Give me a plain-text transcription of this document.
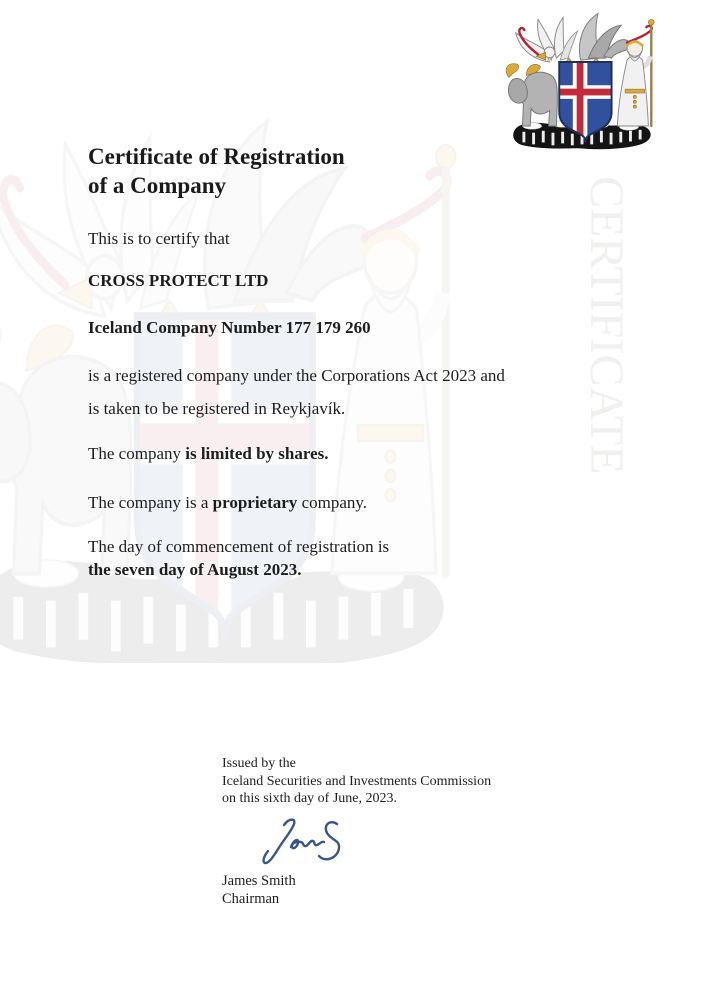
CERTIFICATE
Certificate of Registration
of a Company

This is to certify that

CROSS PROTECT LTD

Iceland Company Number 177 179 260

is a registered company under the Corporations Act 2023 and

is taken to be registered in Reykjavík.

The company is limited by shares.

The company is a proprietary company.

The day of commencement of registration is

the seven day of August 2023.

Issued by the
Iceland Securities and Investments Commission
on this sixth day of June, 2023.
James Smith
Chairman
